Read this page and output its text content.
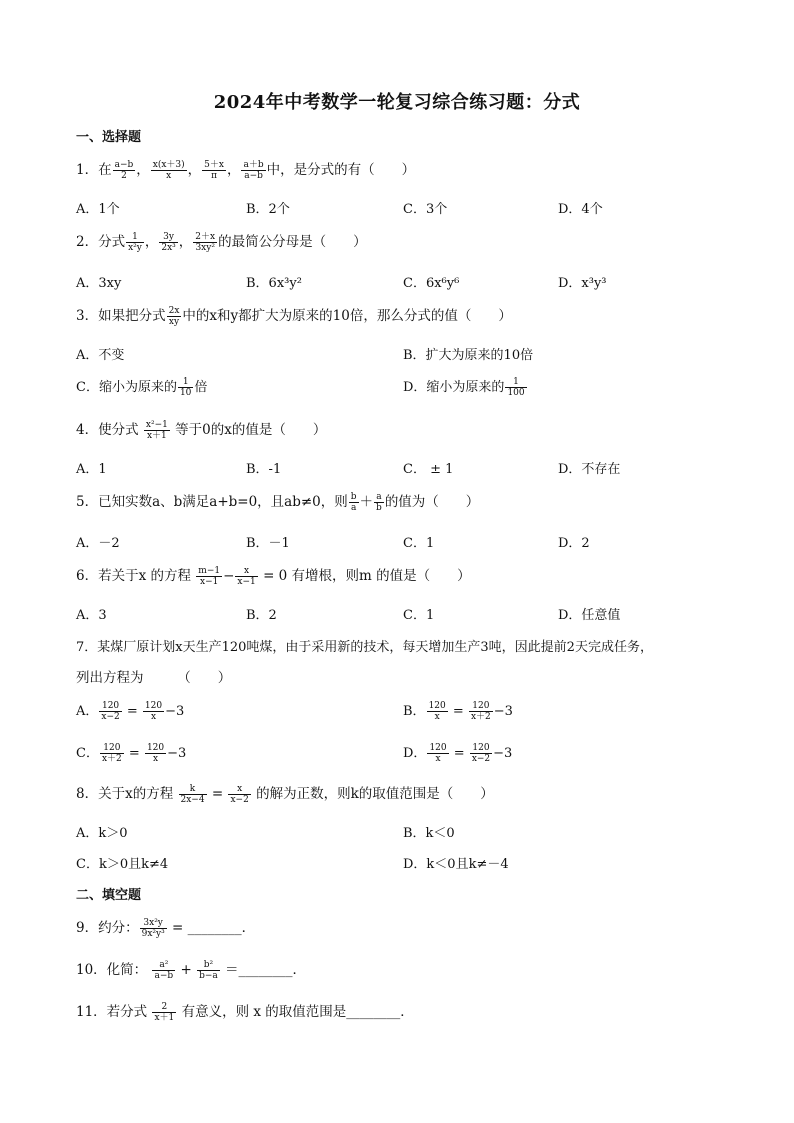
2024年中考数学一轮复习综合练习题：分式
一、选择题
1．在 $\frac{a-b}{2}$ ， $\frac{x(x+3)}{x}$ ， $\frac{5+x}{\pi}$ ， $\frac{a+b}{a-b}$ 中，是分式的有（　　）
A．1个	B．2个	C．3个	D．4个
2．分式 $\frac{1}{\text{x²y}}$ ， $\frac{3y}{\text{2x³}}$ ， $\frac{2+x}{\text{3xy²}}$ 的最简公分母是（　　）
A．3xy	B．6x³y²	C．6x⁶y⁶	D．x³y³
3．如果把分式 $\frac{2x}{xy}$ 中的x和y都扩大为原来的10倍，那么分式的值（　　）
A．不变	B．扩大为原来的10倍
C．缩小为原来的 $\frac{1}{10}$ 倍	D．缩小为原来的 $\frac{1}{100}$
4．使分式 $\frac{\text{x²−1}}{x+1}$ 等于0的x的值是（　　）
A．1	B．-1	C． ± 1	D．不存在
5．已知实数a、b满足a+b=0，且ab≠0，则 $\frac{b}{a} + \frac{a}{b}$ 的值为（　　）
A．－2	B．－1	C．1	D．2
6．若关于x 的方程 $\frac{m-1}{x-1} - \frac{x}{x-1} = 0$ 有增根，则m 的值是（　　）
A．3	B．2	C．1	D．任意值
7．某煤厂原计划x天生产120吨煤，由于采用新的技术，每天增加生产3吨，因此提前2天完成任务，
列出方程为　　　（　　）
A． $\frac{120}{x-2} = \frac{120}{x} -3$	B． $\frac{120}{x} = \frac{120}{x+2} -3$
C． $\frac{120}{x+2} = \frac{120}{x} -3$	D． $\frac{120}{x} = \frac{120}{x-2} -3$
8．关于x的方程 $\frac{k}{2x-4} = \frac{x}{x-2}$ 的解为正数，则k的取值范围是（　　）
A．k＞0	B．k＜0
C．k＞0且k≠4	D．k＜0且k≠－4
二、填空题
9．约分： $\frac{\text{3x²y}}{\text{9x²y³}}$ = ________．
10．化简： $\frac{\text{a²}}{a-b} + \frac{\text{b²}}{b-a}$ ＝________．
11．若分式 $\frac{2}{x+1}$ 有意义，则 x 的取值范围是________．
